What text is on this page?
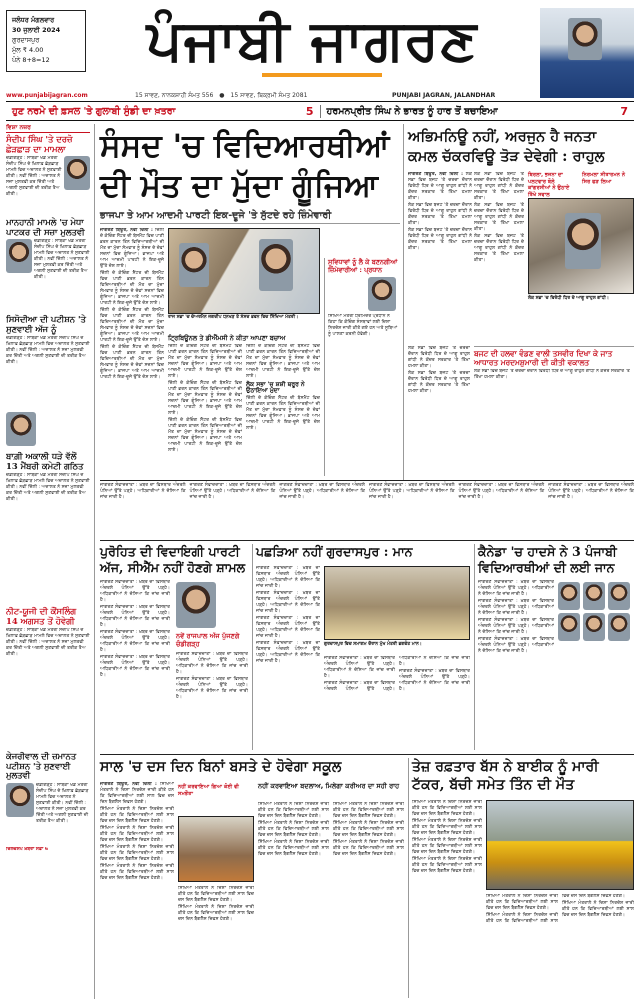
ਜਲੰਧਰ ਮੰਗਲਵਾਰ
30 ਜੁਲਾਈ 2024
ਗੁਰਦਾਸਪੁਰ
ਮੁੱਲ ₹ 4.00
ਪੰਨੇ 8+8=12	ਪੰਜਾਬੀ ਜਾਗਰਣ
www.punjabijagran.com	15 ਸਾਵਣ, ਨਾਨਕਸ਼ਾਹੀ ਸੰਮਤ 556 ● 15 ਸਾਵਣ, ਬਿਕ੍ਰਮੀ ਸੰਮਤ 2081	PUNJABI JAGRAN, JALANDHAR
ਹੁਣ ਨਰਮੇ ਦੀ ਫ਼ਸਲ 'ਤੇ ਗੁਲਾਬੀ ਸੁੰਡੀ ਦਾ ਖ਼ਤਰਾ	5 ਹਰਮਨਪ੍ਰੀਤ ਸਿੰਘ ਨੇ ਭਾਰਤ ਨੂੰ ਹਾਰ ਤੋਂ ਬਚਾਇਆ	7
ਵਿਸ਼ਾ ਨਜ਼ਰ
ਸੰਦੀਪ ਸਿੰਘ 'ਤੇ ਦਰਜ਼ੋ ਛੇੜਛਾੜ ਦਾ ਮਾਮਲਾ
ਚੰਡੀਗੜ੍ਹ : ਸਾਬਕਾ ਖੇਡ ਮੰਤਰੀ ਸੰਦੀਪ ਸਿੰਘ ਦੇ ਖ਼ਿਲਾਫ਼ ਛੇੜਛਾੜ ਮਾਮਲੇ ਵਿਚ ਅਦਾਲਤ ਨੇ ਸੁਣਵਾਈ ਕੀਤੀ। ਨਵੀਂ ਦਿੱਲੀ : ਅਦਾਲਤ ਨੇ ਸਜ਼ਾ ਮੁਲਤਵੀ ਕਰ ਦਿੱਤੀ ਅਤੇ ਅਗਲੀ ਸੁਣਵਾਈ ਦੀ ਤਰੀਕ ਤੈਅ ਕੀਤੀ।
ਮਾਨਹਾਨੀ ਮਾਮਲੇ 'ਚ ਮੇਧਾ ਪਾਟਕਰ ਦੀ ਸਜ਼ਾ ਮੁਲਤਵੀ
ਚੰਡੀਗੜ੍ਹ : ਸਾਬਕਾ ਖੇਡ ਮੰਤਰੀ ਸੰਦੀਪ ਸਿੰਘ ਦੇ ਖ਼ਿਲਾਫ਼ ਛੇੜਛਾੜ ਮਾਮਲੇ ਵਿਚ ਅਦਾਲਤ ਨੇ ਸੁਣਵਾਈ ਕੀਤੀ। ਨਵੀਂ ਦਿੱਲੀ : ਅਦਾਲਤ ਨੇ ਸਜ਼ਾ ਮੁਲਤਵੀ ਕਰ ਦਿੱਤੀ ਅਤੇ ਅਗਲੀ ਸੁਣਵਾਈ ਦੀ ਤਰੀਕ ਤੈਅ ਕੀਤੀ।
ਸਿਸੋਦੀਆ ਦੀ ਪਟੀਸ਼ਨ 'ਤੇ ਸੁਣਵਾਈ ਅੱਜ ਨੂੰ
ਚੰਡੀਗੜ੍ਹ : ਸਾਬਕਾ ਖੇਡ ਮੰਤਰੀ ਸੰਦੀਪ ਸਿੰਘ ਦੇ ਖ਼ਿਲਾਫ਼ ਛੇੜਛਾੜ ਮਾਮਲੇ ਵਿਚ ਅਦਾਲਤ ਨੇ ਸੁਣਵਾਈ ਕੀਤੀ। ਨਵੀਂ ਦਿੱਲੀ : ਅਦਾਲਤ ਨੇ ਸਜ਼ਾ ਮੁਲਤਵੀ ਕਰ ਦਿੱਤੀ ਅਤੇ ਅਗਲੀ ਸੁਣਵਾਈ ਦੀ ਤਰੀਕ ਤੈਅ ਕੀਤੀ।
ਬਾਗ਼ੀ ਅਕਾਲੀ ਧੜੇ ਵੱਲੋਂ 13 ਮੈਂਬਰੀ ਕਮੇਟੀ ਗਠਿਤ
ਚੰਡੀਗੜ੍ਹ : ਸਾਬਕਾ ਖੇਡ ਮੰਤਰੀ ਸੰਦੀਪ ਸਿੰਘ ਦੇ ਖ਼ਿਲਾਫ਼ ਛੇੜਛਾੜ ਮਾਮਲੇ ਵਿਚ ਅਦਾਲਤ ਨੇ ਸੁਣਵਾਈ ਕੀਤੀ। ਨਵੀਂ ਦਿੱਲੀ : ਅਦਾਲਤ ਨੇ ਸਜ਼ਾ ਮੁਲਤਵੀ ਕਰ ਦਿੱਤੀ ਅਤੇ ਅਗਲੀ ਸੁਣਵਾਈ ਦੀ ਤਰੀਕ ਤੈਅ ਕੀਤੀ।
ਨੀਟ-ਯੂਜੀ ਦੀ ਕੌਂਸਲਿੰਗ 14 ਅਗਸਤ ਤੋਂ ਹੋਵੇਗੀ
ਚੰਡੀਗੜ੍ਹ : ਸਾਬਕਾ ਖੇਡ ਮੰਤਰੀ ਸੰਦੀਪ ਸਿੰਘ ਦੇ ਖ਼ਿਲਾਫ਼ ਛੇੜਛਾੜ ਮਾਮਲੇ ਵਿਚ ਅਦਾਲਤ ਨੇ ਸੁਣਵਾਈ ਕੀਤੀ। ਨਵੀਂ ਦਿੱਲੀ : ਅਦਾਲਤ ਨੇ ਸਜ਼ਾ ਮੁਲਤਵੀ ਕਰ ਦਿੱਤੀ ਅਤੇ ਅਗਲੀ ਸੁਣਵਾਈ ਦੀ ਤਰੀਕ ਤੈਅ ਕੀਤੀ।
ਕੇਜਰੀਵਾਲ ਦੀ ਜ਼ਮਾਨਤ ਪਟੀਸ਼ਨ 'ਤੇ ਸੁਣਵਾਈ ਮੁਲਤਵੀ
ਚੰਡੀਗੜ੍ਹ : ਸਾਬਕਾ ਖੇਡ ਮੰਤਰੀ ਸੰਦੀਪ ਸਿੰਘ ਦੇ ਖ਼ਿਲਾਫ਼ ਛੇੜਛਾੜ ਮਾਮਲੇ ਵਿਚ ਅਦਾਲਤ ਨੇ ਸੁਣਵਾਈ ਕੀਤੀ। ਨਵੀਂ ਦਿੱਲੀ : ਅਦਾਲਤ ਨੇ ਸਜ਼ਾ ਮੁਲਤਵੀ ਕਰ ਦਿੱਤੀ ਅਤੇ ਅਗਲੀ ਸੁਣਵਾਈ ਦੀ ਤਰੀਕ ਤੈਅ ਕੀਤੀ।
ਦਿਲਚਸਪ ਖ਼ਬਰਾਂ ਸਫ਼ਾ 6
ਸੰਸਦ 'ਚ ਵਿਦਿਆਰਥੀਆਂ
ਦੀ ਮੌਤ ਦਾ ਮੁੱਦਾ ਗੂੰਜਿਆ
ਭਾਜਪਾ ਤੇ ਆਮ ਆਦਮੀ ਪਾਰਟੀ ਇਕ-ਦੂਜੇ 'ਤੇ ਸੁੱਟਦੇ ਰਹੇ ਜ਼ਿੰਮੇਵਾਰੀ

ਜਾਗਰਣ ਬਿਊਰੋ, ਨਵੀਂ ਦਿੱਲੀ : ਦਿੱਲੀ ਦੇ ਕੋਚਿੰਗ ਸੈਂਟਰ ਦੀ ਬੇਸਮੈਂਟ ਵਿਚ ਪਾਣੀ ਭਰਨ ਕਾਰਨ ਤਿੰਨ ਵਿਦਿਆਰਥੀਆਂ ਦੀ ਮੌਤ ਦਾ ਮੁੱਦਾ ਸੋਮਵਾਰ ਨੂੰ ਸੰਸਦ ਦੇ ਦੋਵਾਂ ਸਦਨਾਂ ਵਿਚ ਗੂੰਜਿਆ। ਭਾਜਪਾ ਅਤੇ ਆਮ ਆਦਮੀ ਪਾਰਟੀ ਨੇ ਇਕ-ਦੂਜੇ ਉੱਤੇ ਦੋਸ਼ ਲਾਏ।

ਦਿੱਲੀ ਦੇ ਕੋਚਿੰਗ ਸੈਂਟਰ ਦੀ ਬੇਸਮੈਂਟ ਵਿਚ ਪਾਣੀ ਭਰਨ ਕਾਰਨ ਤਿੰਨ ਵਿਦਿਆਰਥੀਆਂ ਦੀ ਮੌਤ ਦਾ ਮੁੱਦਾ ਸੋਮਵਾਰ ਨੂੰ ਸੰਸਦ ਦੇ ਦੋਵਾਂ ਸਦਨਾਂ ਵਿਚ ਗੂੰਜਿਆ। ਭਾਜਪਾ ਅਤੇ ਆਮ ਆਦਮੀ ਪਾਰਟੀ ਨੇ ਇਕ-ਦੂਜੇ ਉੱਤੇ ਦੋਸ਼ ਲਾਏ।

ਦਿੱਲੀ ਦੇ ਕੋਚਿੰਗ ਸੈਂਟਰ ਦੀ ਬੇਸਮੈਂਟ ਵਿਚ ਪਾਣੀ ਭਰਨ ਕਾਰਨ ਤਿੰਨ ਵਿਦਿਆਰਥੀਆਂ ਦੀ ਮੌਤ ਦਾ ਮੁੱਦਾ ਸੋਮਵਾਰ ਨੂੰ ਸੰਸਦ ਦੇ ਦੋਵਾਂ ਸਦਨਾਂ ਵਿਚ ਗੂੰਜਿਆ। ਭਾਜਪਾ ਅਤੇ ਆਮ ਆਦਮੀ ਪਾਰਟੀ ਨੇ ਇਕ-ਦੂਜੇ ਉੱਤੇ ਦੋਸ਼ ਲਾਏ।

ਦਿੱਲੀ ਦੇ ਕੋਚਿੰਗ ਸੈਂਟਰ ਦੀ ਬੇਸਮੈਂਟ ਵਿਚ ਪਾਣੀ ਭਰਨ ਕਾਰਨ ਤਿੰਨ ਵਿਦਿਆਰਥੀਆਂ ਦੀ ਮੌਤ ਦਾ ਮੁੱਦਾ ਸੋਮਵਾਰ ਨੂੰ ਸੰਸਦ ਦੇ ਦੋਵਾਂ ਸਦਨਾਂ ਵਿਚ ਗੂੰਜਿਆ। ਭਾਜਪਾ ਅਤੇ ਆਮ ਆਦਮੀ ਪਾਰਟੀ ਨੇ ਇਕ-ਦੂਜੇ ਉੱਤੇ ਦੋਸ਼ ਲਾਏ।

ਰਾਜ ਸਭਾ 'ਚ ਚੇਅਰਮੈਨ ਜਗਦੀਪ ਧਨਖੜ ਤੇ ਸੰਸਦ ਭਵਨ ਵਿਚ ਸਿੱਖਿਆ ਮੰਤਰੀ।
ਟ੍ਰਿਬਿਊਨਲ ਤੇ ਡੀਐੱਮਸੀ ਨੇ ਕੀਤਾ ਆਪਣਾ ਬਚਾਅ

ਦਿੱਲੀ ਦੇ ਕੋਚਿੰਗ ਸੈਂਟਰ ਦੀ ਬੇਸਮੈਂਟ ਵਿਚ ਪਾਣੀ ਭਰਨ ਕਾਰਨ ਤਿੰਨ ਵਿਦਿਆਰਥੀਆਂ ਦੀ ਮੌਤ ਦਾ ਮੁੱਦਾ ਸੋਮਵਾਰ ਨੂੰ ਸੰਸਦ ਦੇ ਦੋਵਾਂ ਸਦਨਾਂ ਵਿਚ ਗੂੰਜਿਆ। ਭਾਜਪਾ ਅਤੇ ਆਮ ਆਦਮੀ ਪਾਰਟੀ ਨੇ ਇਕ-ਦੂਜੇ ਉੱਤੇ ਦੋਸ਼ ਲਾਏ।

ਦਿੱਲੀ ਦੇ ਕੋਚਿੰਗ ਸੈਂਟਰ ਦੀ ਬੇਸਮੈਂਟ ਵਿਚ ਪਾਣੀ ਭਰਨ ਕਾਰਨ ਤਿੰਨ ਵਿਦਿਆਰਥੀਆਂ ਦੀ ਮੌਤ ਦਾ ਮੁੱਦਾ ਸੋਮਵਾਰ ਨੂੰ ਸੰਸਦ ਦੇ ਦੋਵਾਂ ਸਦਨਾਂ ਵਿਚ ਗੂੰਜਿਆ। ਭਾਜਪਾ ਅਤੇ ਆਮ ਆਦਮੀ ਪਾਰਟੀ ਨੇ ਇਕ-ਦੂਜੇ ਉੱਤੇ ਦੋਸ਼ ਲਾਏ।

ਦਿੱਲੀ ਦੇ ਕੋਚਿੰਗ ਸੈਂਟਰ ਦੀ ਬੇਸਮੈਂਟ ਵਿਚ ਪਾਣੀ ਭਰਨ ਕਾਰਨ ਤਿੰਨ ਵਿਦਿਆਰਥੀਆਂ ਦੀ ਮੌਤ ਦਾ ਮੁੱਦਾ ਸੋਮਵਾਰ ਨੂੰ ਸੰਸਦ ਦੇ ਦੋਵਾਂ ਸਦਨਾਂ ਵਿਚ ਗੂੰਜਿਆ। ਭਾਜਪਾ ਅਤੇ ਆਮ ਆਦਮੀ ਪਾਰਟੀ ਨੇ ਇਕ-ਦੂਜੇ ਉੱਤੇ ਦੋਸ਼ ਲਾਏ।

ਦਿੱਲੀ ਦੇ ਕੋਚਿੰਗ ਸੈਂਟਰ ਦੀ ਬੇਸਮੈਂਟ ਵਿਚ ਪਾਣੀ ਭਰਨ ਕਾਰਨ ਤਿੰਨ ਵਿਦਿਆਰਥੀਆਂ ਦੀ ਮੌਤ ਦਾ ਮੁੱਦਾ ਸੋਮਵਾਰ ਨੂੰ ਸੰਸਦ ਦੇ ਦੋਵਾਂ ਸਦਨਾਂ ਵਿਚ ਗੂੰਜਿਆ। ਭਾਜਪਾ ਅਤੇ ਆਮ ਆਦਮੀ ਪਾਰਟੀ ਨੇ ਇਕ-ਦੂਜੇ ਉੱਤੇ ਦੋਸ਼ ਲਾਏ।

ਲੋਕ ਸਭਾ 'ਚ ਸ਼ਸ਼ੀ ਥਰੂਰ ਨੇ ਉਠਾਇਆ ਮੁੱਦਾ

ਦਿੱਲੀ ਦੇ ਕੋਚਿੰਗ ਸੈਂਟਰ ਦੀ ਬੇਸਮੈਂਟ ਵਿਚ ਪਾਣੀ ਭਰਨ ਕਾਰਨ ਤਿੰਨ ਵਿਦਿਆਰਥੀਆਂ ਦੀ ਮੌਤ ਦਾ ਮੁੱਦਾ ਸੋਮਵਾਰ ਨੂੰ ਸੰਸਦ ਦੇ ਦੋਵਾਂ ਸਦਨਾਂ ਵਿਚ ਗੂੰਜਿਆ। ਭਾਜਪਾ ਅਤੇ ਆਮ ਆਦਮੀ ਪਾਰਟੀ ਨੇ ਇਕ-ਦੂਜੇ ਉੱਤੇ ਦੋਸ਼ ਲਾਏ।

ਸੁਵਿਧਾਵਾਂ ਨੂੰ ਲੈ ਕੇ ਬਣਨਗੀਆਂ ਜ਼ਿੰਮੇਵਾਰੀਆਂ : ਪ੍ਰਧਾਨ
ਸਿੱਖਿਆ ਮੰਤਰੀ ਧਰਮਿੰਦਰ ਪ੍ਰਧਾਨ ਨੇ ਕਿਹਾ ਕਿ ਕੋਚਿੰਗ ਸੰਸਥਾਵਾਂ ਲਈ ਦਿਸ਼ਾ ਨਿਰਦੇਸ਼ ਜਾਰੀ ਕੀਤੇ ਗਏ ਹਨ ਅਤੇ ਸੂਬਿਆਂ ਨੂੰ ਪਾਲਣਾ ਕਰਨੀ ਹੋਵੇਗੀ।
ਅਭਿਮਨਿਊ ਨਹੀਂ, ਅਰਜੁਨ ਹੈ ਜਨਤਾ
ਕਮਲ ਚੱਕਰਵਿਊ ਤੋੜ ਦੇਵੇਗੀ : ਰਾਹੁਲ

ਜਾਗਰਣ ਬਿਊਰੋ, ਨਵੀਂ ਦਿੱਲੀ : ਲੋਕ ਸਭਾ ਵਿਚ ਬਜਟ 'ਤੇ ਚਰਚਾ ਦੌਰਾਨ ਵਿਰੋਧੀ ਧਿਰ ਦੇ ਆਗੂ ਰਾਹੁਲ ਗਾਂਧੀ ਨੇ ਕੇਂਦਰ ਸਰਕਾਰ 'ਤੇ ਤਿੱਖਾ ਹਮਲਾ ਕੀਤਾ।

ਲੋਕ ਸਭਾ ਵਿਚ ਬਜਟ 'ਤੇ ਚਰਚਾ ਦੌਰਾਨ ਵਿਰੋਧੀ ਧਿਰ ਦੇ ਆਗੂ ਰਾਹੁਲ ਗਾਂਧੀ ਨੇ ਕੇਂਦਰ ਸਰਕਾਰ 'ਤੇ ਤਿੱਖਾ ਹਮਲਾ ਕੀਤਾ।

ਲੋਕ ਸਭਾ ਵਿਚ ਬਜਟ 'ਤੇ ਚਰਚਾ ਦੌਰਾਨ ਵਿਰੋਧੀ ਧਿਰ ਦੇ ਆਗੂ ਰਾਹੁਲ ਗਾਂਧੀ ਨੇ ਕੇਂਦਰ ਸਰਕਾਰ 'ਤੇ ਤਿੱਖਾ ਹਮਲਾ ਕੀਤਾ।

ਲੋਕ ਸਭਾ ਵਿਚ ਬਜਟ 'ਤੇ ਚਰਚਾ ਦੌਰਾਨ ਵਿਰੋਧੀ ਧਿਰ ਦੇ ਆਗੂ ਰਾਹੁਲ ਗਾਂਧੀ ਨੇ ਕੇਂਦਰ ਸਰਕਾਰ 'ਤੇ ਤਿੱਖਾ ਹਮਲਾ ਕੀਤਾ।

ਲੋਕ ਸਭਾ ਵਿਚ ਬਜਟ 'ਤੇ ਚਰਚਾ ਦੌਰਾਨ ਵਿਰੋਧੀ ਧਿਰ ਦੇ ਆਗੂ ਰਾਹੁਲ ਗਾਂਧੀ ਨੇ ਕੇਂਦਰ ਸਰਕਾਰ 'ਤੇ ਤਿੱਖਾ ਹਮਲਾ ਕੀਤਾ।

ਲੋਕ ਸਭਾ ਵਿਚ ਬਜਟ 'ਤੇ ਚਰਚਾ ਦੌਰਾਨ ਵਿਰੋਧੀ ਧਿਰ ਦੇ ਆਗੂ ਰਾਹੁਲ ਗਾਂਧੀ ਨੇ ਕੇਂਦਰ ਸਰਕਾਰ 'ਤੇ ਤਿੱਖਾ ਹਮਲਾ ਕੀਤਾ।

ਬਿਰਲਾ, ਭਜਨਾ ਦਾ ਪਲਟਵਾਰ ਬੋਲੇ ਕਾਂਗਰਸੀਆਂ ਨੇ ਉਠਾਏ ਤਿੱਖੇ ਸਵਾਲ
ਨਿਰਮਲਾ ਸੀਤਾਰਮਨ ਨੇ ਸਿਰ ਫੜ ਲਿਆ
ਲੋਕ ਸਭਾ 'ਚ ਵਿਰੋਧੀ ਧਿਰ ਦੇ ਆਗੂ ਰਾਹੁਲ ਗਾਂਧੀ।
ਬਜਟ ਦੀ ਹਲਵਾ ਵੰਡਣ ਵਾਲੀ ਤਸਵੀਰ ਦਿਖਾ ਕੇ ਜਾਤ ਆਧਾਰਤ ਮਰਦਮਸ਼ੁਮਾਰੀ ਦੀ ਕੀਤੀ ਵਕਾਲਤ
ਲੋਕ ਸਭਾ ਵਿਚ ਬਜਟ 'ਤੇ ਚਰਚਾ ਦੌਰਾਨ ਵਿਰੋਧੀ ਧਿਰ ਦੇ ਆਗੂ ਰਾਹੁਲ ਗਾਂਧੀ ਨੇ ਕੇਂਦਰ ਸਰਕਾਰ 'ਤੇ ਤਿੱਖਾ ਹਮਲਾ ਕੀਤਾ।

ਲੋਕ ਸਭਾ ਵਿਚ ਬਜਟ 'ਤੇ ਚਰਚਾ ਦੌਰਾਨ ਵਿਰੋਧੀ ਧਿਰ ਦੇ ਆਗੂ ਰਾਹੁਲ ਗਾਂਧੀ ਨੇ ਕੇਂਦਰ ਸਰਕਾਰ 'ਤੇ ਤਿੱਖਾ ਹਮਲਾ ਕੀਤਾ।

ਲੋਕ ਸਭਾ ਵਿਚ ਬਜਟ 'ਤੇ ਚਰਚਾ ਦੌਰਾਨ ਵਿਰੋਧੀ ਧਿਰ ਦੇ ਆਗੂ ਰਾਹੁਲ ਗਾਂਧੀ ਨੇ ਕੇਂਦਰ ਸਰਕਾਰ 'ਤੇ ਤਿੱਖਾ ਹਮਲਾ ਕੀਤਾ।

ਜਾਗਰਣ ਸੰਵਾਦਦਾਤਾ : ਖ਼ਬਰ ਦਾ ਵਿਸਥਾਰ ਅੰਦਰਲੇ ਪੰਨਿਆਂ ਉੱਤੇ ਪੜ੍ਹੋ। ਅਧਿਕਾਰੀਆਂ ਨੇ ਦੱਸਿਆ ਕਿ ਜਾਂਚ ਜਾਰੀ ਹੈ।

ਜਾਗਰਣ ਸੰਵਾਦਦਾਤਾ : ਖ਼ਬਰ ਦਾ ਵਿਸਥਾਰ ਅੰਦਰਲੇ ਪੰਨਿਆਂ ਉੱਤੇ ਪੜ੍ਹੋ। ਅਧਿਕਾਰੀਆਂ ਨੇ ਦੱਸਿਆ ਕਿ ਜਾਂਚ ਜਾਰੀ ਹੈ।

ਜਾਗਰਣ ਸੰਵਾਦਦਾਤਾ : ਖ਼ਬਰ ਦਾ ਵਿਸਥਾਰ ਅੰਦਰਲੇ ਪੰਨਿਆਂ ਉੱਤੇ ਪੜ੍ਹੋ। ਅਧਿਕਾਰੀਆਂ ਨੇ ਦੱਸਿਆ ਕਿ ਜਾਂਚ ਜਾਰੀ ਹੈ।

ਜਾਗਰਣ ਸੰਵਾਦਦਾਤਾ : ਖ਼ਬਰ ਦਾ ਵਿਸਥਾਰ ਅੰਦਰਲੇ ਪੰਨਿਆਂ ਉੱਤੇ ਪੜ੍ਹੋ। ਅਧਿਕਾਰੀਆਂ ਨੇ ਦੱਸਿਆ ਕਿ ਜਾਂਚ ਜਾਰੀ ਹੈ।

ਜਾਗਰਣ ਸੰਵਾਦਦਾਤਾ : ਖ਼ਬਰ ਦਾ ਵਿਸਥਾਰ ਅੰਦਰਲੇ ਪੰਨਿਆਂ ਉੱਤੇ ਪੜ੍ਹੋ। ਅਧਿਕਾਰੀਆਂ ਨੇ ਦੱਸਿਆ ਕਿ ਜਾਂਚ ਜਾਰੀ ਹੈ।

ਜਾਗਰਣ ਸੰਵਾਦਦਾਤਾ : ਖ਼ਬਰ ਦਾ ਵਿਸਥਾਰ ਅੰਦਰਲੇ ਪੰਨਿਆਂ ਉੱਤੇ ਪੜ੍ਹੋ। ਅਧਿਕਾਰੀਆਂ ਨੇ ਦੱਸਿਆ ਕਿ ਜਾਂਚ ਜਾਰੀ ਹੈ।

ਪੁਰੋਹਿਤ ਦੀ ਵਿਦਾਇਗੀ ਪਾਰਟੀ ਅੱਜ, ਸੀਐੱਮ ਨਹੀਂ ਹੋਣਗੇ ਸ਼ਾਮਲ

ਜਾਗਰਣ ਸੰਵਾਦਦਾਤਾ : ਖ਼ਬਰ ਦਾ ਵਿਸਥਾਰ ਅੰਦਰਲੇ ਪੰਨਿਆਂ ਉੱਤੇ ਪੜ੍ਹੋ। ਅਧਿਕਾਰੀਆਂ ਨੇ ਦੱਸਿਆ ਕਿ ਜਾਂਚ ਜਾਰੀ ਹੈ।

ਜਾਗਰਣ ਸੰਵਾਦਦਾਤਾ : ਖ਼ਬਰ ਦਾ ਵਿਸਥਾਰ ਅੰਦਰਲੇ ਪੰਨਿਆਂ ਉੱਤੇ ਪੜ੍ਹੋ। ਅਧਿਕਾਰੀਆਂ ਨੇ ਦੱਸਿਆ ਕਿ ਜਾਂਚ ਜਾਰੀ ਹੈ।

ਜਾਗਰਣ ਸੰਵਾਦਦਾਤਾ : ਖ਼ਬਰ ਦਾ ਵਿਸਥਾਰ ਅੰਦਰਲੇ ਪੰਨਿਆਂ ਉੱਤੇ ਪੜ੍ਹੋ। ਅਧਿਕਾਰੀਆਂ ਨੇ ਦੱਸਿਆ ਕਿ ਜਾਂਚ ਜਾਰੀ ਹੈ।

ਜਾਗਰਣ ਸੰਵਾਦਦਾਤਾ : ਖ਼ਬਰ ਦਾ ਵਿਸਥਾਰ ਅੰਦਰਲੇ ਪੰਨਿਆਂ ਉੱਤੇ ਪੜ੍ਹੋ। ਅਧਿਕਾਰੀਆਂ ਨੇ ਦੱਸਿਆ ਕਿ ਜਾਂਚ ਜਾਰੀ ਹੈ।

ਨਵੇਂ ਰਾਜਪਾਲ ਅੱਜ ਪੁੱਜਣਗੇ ਚੰਡੀਗੜ੍ਹ

ਜਾਗਰਣ ਸੰਵਾਦਦਾਤਾ : ਖ਼ਬਰ ਦਾ ਵਿਸਥਾਰ ਅੰਦਰਲੇ ਪੰਨਿਆਂ ਉੱਤੇ ਪੜ੍ਹੋ। ਅਧਿਕਾਰੀਆਂ ਨੇ ਦੱਸਿਆ ਕਿ ਜਾਂਚ ਜਾਰੀ ਹੈ।

ਜਾਗਰਣ ਸੰਵਾਦਦਾਤਾ : ਖ਼ਬਰ ਦਾ ਵਿਸਥਾਰ ਅੰਦਰਲੇ ਪੰਨਿਆਂ ਉੱਤੇ ਪੜ੍ਹੋ। ਅਧਿਕਾਰੀਆਂ ਨੇ ਦੱਸਿਆ ਕਿ ਜਾਂਚ ਜਾਰੀ ਹੈ।

ਪਛੜਿਆ ਨਹੀਂ ਗੁਰਦਾਸਪੁਰ : ਮਾਨ

ਜਾਗਰਣ ਸੰਵਾਦਦਾਤਾ : ਖ਼ਬਰ ਦਾ ਵਿਸਥਾਰ ਅੰਦਰਲੇ ਪੰਨਿਆਂ ਉੱਤੇ ਪੜ੍ਹੋ। ਅਧਿਕਾਰੀਆਂ ਨੇ ਦੱਸਿਆ ਕਿ ਜਾਂਚ ਜਾਰੀ ਹੈ।

ਜਾਗਰਣ ਸੰਵਾਦਦਾਤਾ : ਖ਼ਬਰ ਦਾ ਵਿਸਥਾਰ ਅੰਦਰਲੇ ਪੰਨਿਆਂ ਉੱਤੇ ਪੜ੍ਹੋ। ਅਧਿਕਾਰੀਆਂ ਨੇ ਦੱਸਿਆ ਕਿ ਜਾਂਚ ਜਾਰੀ ਹੈ।

ਜਾਗਰਣ ਸੰਵਾਦਦਾਤਾ : ਖ਼ਬਰ ਦਾ ਵਿਸਥਾਰ ਅੰਦਰਲੇ ਪੰਨਿਆਂ ਉੱਤੇ ਪੜ੍ਹੋ। ਅਧਿਕਾਰੀਆਂ ਨੇ ਦੱਸਿਆ ਕਿ ਜਾਂਚ ਜਾਰੀ ਹੈ।

ਜਾਗਰਣ ਸੰਵਾਦਦਾਤਾ : ਖ਼ਬਰ ਦਾ ਵਿਸਥਾਰ ਅੰਦਰਲੇ ਪੰਨਿਆਂ ਉੱਤੇ ਪੜ੍ਹੋ। ਅਧਿਕਾਰੀਆਂ ਨੇ ਦੱਸਿਆ ਕਿ ਜਾਂਚ ਜਾਰੀ ਹੈ।

ਗੁਰਦਾਸਪੁਰ ਵਿਚ ਸਮਾਗਮ ਦੌਰਾਨ ਮੁੱਖ ਮੰਤਰੀ ਭਗਵੰਤ ਮਾਨ।

ਜਾਗਰਣ ਸੰਵਾਦਦਾਤਾ : ਖ਼ਬਰ ਦਾ ਵਿਸਥਾਰ ਅੰਦਰਲੇ ਪੰਨਿਆਂ ਉੱਤੇ ਪੜ੍ਹੋ। ਅਧਿਕਾਰੀਆਂ ਨੇ ਦੱਸਿਆ ਕਿ ਜਾਂਚ ਜਾਰੀ ਹੈ।

ਜਾਗਰਣ ਸੰਵਾਦਦਾਤਾ : ਖ਼ਬਰ ਦਾ ਵਿਸਥਾਰ ਅੰਦਰਲੇ ਪੰਨਿਆਂ ਉੱਤੇ ਪੜ੍ਹੋ। ਅਧਿਕਾਰੀਆਂ ਨੇ ਦੱਸਿਆ ਕਿ ਜਾਂਚ ਜਾਰੀ ਹੈ।

ਜਾਗਰਣ ਸੰਵਾਦਦਾਤਾ : ਖ਼ਬਰ ਦਾ ਵਿਸਥਾਰ ਅੰਦਰਲੇ ਪੰਨਿਆਂ ਉੱਤੇ ਪੜ੍ਹੋ। ਅਧਿਕਾਰੀਆਂ ਨੇ ਦੱਸਿਆ ਕਿ ਜਾਂਚ ਜਾਰੀ ਹੈ।

ਕੈਨੇਡਾ 'ਚ ਹਾਦਸੇ ਨੇ 3 ਪੰਜਾਬੀ ਵਿਦਿਆਰਥੀਆਂ ਦੀ ਲਈ ਜਾਨ

ਜਾਗਰਣ ਸੰਵਾਦਦਾਤਾ : ਖ਼ਬਰ ਦਾ ਵਿਸਥਾਰ ਅੰਦਰਲੇ ਪੰਨਿਆਂ ਉੱਤੇ ਪੜ੍ਹੋ। ਅਧਿਕਾਰੀਆਂ ਨੇ ਦੱਸਿਆ ਕਿ ਜਾਂਚ ਜਾਰੀ ਹੈ।

ਜਾਗਰਣ ਸੰਵਾਦਦਾਤਾ : ਖ਼ਬਰ ਦਾ ਵਿਸਥਾਰ ਅੰਦਰਲੇ ਪੰਨਿਆਂ ਉੱਤੇ ਪੜ੍ਹੋ। ਅਧਿਕਾਰੀਆਂ ਨੇ ਦੱਸਿਆ ਕਿ ਜਾਂਚ ਜਾਰੀ ਹੈ।

ਜਾਗਰਣ ਸੰਵਾਦਦਾਤਾ : ਖ਼ਬਰ ਦਾ ਵਿਸਥਾਰ ਅੰਦਰਲੇ ਪੰਨਿਆਂ ਉੱਤੇ ਪੜ੍ਹੋ। ਅਧਿਕਾਰੀਆਂ ਨੇ ਦੱਸਿਆ ਕਿ ਜਾਂਚ ਜਾਰੀ ਹੈ।

ਜਾਗਰਣ ਸੰਵਾਦਦਾਤਾ : ਖ਼ਬਰ ਦਾ ਵਿਸਥਾਰ ਅੰਦਰਲੇ ਪੰਨਿਆਂ ਉੱਤੇ ਪੜ੍ਹੋ। ਅਧਿਕਾਰੀਆਂ ਨੇ ਦੱਸਿਆ ਕਿ ਜਾਂਚ ਜਾਰੀ ਹੈ।

ਸਾਲ 'ਚ ਦਸ ਦਿਨ ਬਿਨਾਂ ਬਸਤੇ ਦੇ ਹੋਵੇਗਾ ਸਕੂਲ

ਜਾਗਰਣ ਬਿਊਰੋ, ਨਵੀਂ ਦਿੱਲੀ : ਸਿੱਖਿਆ ਮੰਤਰਾਲੇ ਨੇ ਦਿਸ਼ਾ ਨਿਰਦੇਸ਼ ਜਾਰੀ ਕੀਤੇ ਹਨ ਕਿ ਵਿਦਿਆਰਥੀਆਂ ਲਈ ਸਾਲ ਵਿਚ ਦਸ ਦਿਨ ਬੈਗਲੈੱਸ ਦਿਵਸ ਹੋਣਗੇ।

ਸਿੱਖਿਆ ਮੰਤਰਾਲੇ ਨੇ ਦਿਸ਼ਾ ਨਿਰਦੇਸ਼ ਜਾਰੀ ਕੀਤੇ ਹਨ ਕਿ ਵਿਦਿਆਰਥੀਆਂ ਲਈ ਸਾਲ ਵਿਚ ਦਸ ਦਿਨ ਬੈਗਲੈੱਸ ਦਿਵਸ ਹੋਣਗੇ।

ਸਿੱਖਿਆ ਮੰਤਰਾਲੇ ਨੇ ਦਿਸ਼ਾ ਨਿਰਦੇਸ਼ ਜਾਰੀ ਕੀਤੇ ਹਨ ਕਿ ਵਿਦਿਆਰਥੀਆਂ ਲਈ ਸਾਲ ਵਿਚ ਦਸ ਦਿਨ ਬੈਗਲੈੱਸ ਦਿਵਸ ਹੋਣਗੇ।

ਸਿੱਖਿਆ ਮੰਤਰਾਲੇ ਨੇ ਦਿਸ਼ਾ ਨਿਰਦੇਸ਼ ਜਾਰੀ ਕੀਤੇ ਹਨ ਕਿ ਵਿਦਿਆਰਥੀਆਂ ਲਈ ਸਾਲ ਵਿਚ ਦਸ ਦਿਨ ਬੈਗਲੈੱਸ ਦਿਵਸ ਹੋਣਗੇ।

ਸਿੱਖਿਆ ਮੰਤਰਾਲੇ ਨੇ ਦਿਸ਼ਾ ਨਿਰਦੇਸ਼ ਜਾਰੀ ਕੀਤੇ ਹਨ ਕਿ ਵਿਦਿਆਰਥੀਆਂ ਲਈ ਸਾਲ ਵਿਚ ਦਸ ਦਿਨ ਬੈਗਲੈੱਸ ਦਿਵਸ ਹੋਣਗੇ।

ਨਹੀਂ ਕਰਵਾਇਆ ਗਿਆ ਕੋਈ ਵੀ ਸਮਝੌਤਾ

ਸਿੱਖਿਆ ਮੰਤਰਾਲੇ ਨੇ ਦਿਸ਼ਾ ਨਿਰਦੇਸ਼ ਜਾਰੀ ਕੀਤੇ ਹਨ ਕਿ ਵਿਦਿਆਰਥੀਆਂ ਲਈ ਸਾਲ ਵਿਚ ਦਸ ਦਿਨ ਬੈਗਲੈੱਸ ਦਿਵਸ ਹੋਣਗੇ।

ਸਿੱਖਿਆ ਮੰਤਰਾਲੇ ਨੇ ਦਿਸ਼ਾ ਨਿਰਦੇਸ਼ ਜਾਰੀ ਕੀਤੇ ਹਨ ਕਿ ਵਿਦਿਆਰਥੀਆਂ ਲਈ ਸਾਲ ਵਿਚ ਦਸ ਦਿਨ ਬੈਗਲੈੱਸ ਦਿਵਸ ਹੋਣਗੇ।

ਨਹੀਂ ਕਰਵਾਇਆ ਬਦਲਾਅ, ਮਿਲੇਗਾ ਕਰੀਅਰ ਦਾ ਸਹੀ ਰਾਹ

ਸਿੱਖਿਆ ਮੰਤਰਾਲੇ ਨੇ ਦਿਸ਼ਾ ਨਿਰਦੇਸ਼ ਜਾਰੀ ਕੀਤੇ ਹਨ ਕਿ ਵਿਦਿਆਰਥੀਆਂ ਲਈ ਸਾਲ ਵਿਚ ਦਸ ਦਿਨ ਬੈਗਲੈੱਸ ਦਿਵਸ ਹੋਣਗੇ।

ਸਿੱਖਿਆ ਮੰਤਰਾਲੇ ਨੇ ਦਿਸ਼ਾ ਨਿਰਦੇਸ਼ ਜਾਰੀ ਕੀਤੇ ਹਨ ਕਿ ਵਿਦਿਆਰਥੀਆਂ ਲਈ ਸਾਲ ਵਿਚ ਦਸ ਦਿਨ ਬੈਗਲੈੱਸ ਦਿਵਸ ਹੋਣਗੇ।

ਸਿੱਖਿਆ ਮੰਤਰਾਲੇ ਨੇ ਦਿਸ਼ਾ ਨਿਰਦੇਸ਼ ਜਾਰੀ ਕੀਤੇ ਹਨ ਕਿ ਵਿਦਿਆਰਥੀਆਂ ਲਈ ਸਾਲ ਵਿਚ ਦਸ ਦਿਨ ਬੈਗਲੈੱਸ ਦਿਵਸ ਹੋਣਗੇ।

ਸਿੱਖਿਆ ਮੰਤਰਾਲੇ ਨੇ ਦਿਸ਼ਾ ਨਿਰਦੇਸ਼ ਜਾਰੀ ਕੀਤੇ ਹਨ ਕਿ ਵਿਦਿਆਰਥੀਆਂ ਲਈ ਸਾਲ ਵਿਚ ਦਸ ਦਿਨ ਬੈਗਲੈੱਸ ਦਿਵਸ ਹੋਣਗੇ।

ਸਿੱਖਿਆ ਮੰਤਰਾਲੇ ਨੇ ਦਿਸ਼ਾ ਨਿਰਦੇਸ਼ ਜਾਰੀ ਕੀਤੇ ਹਨ ਕਿ ਵਿਦਿਆਰਥੀਆਂ ਲਈ ਸਾਲ ਵਿਚ ਦਸ ਦਿਨ ਬੈਗਲੈੱਸ ਦਿਵਸ ਹੋਣਗੇ।

ਸਿੱਖਿਆ ਮੰਤਰਾਲੇ ਨੇ ਦਿਸ਼ਾ ਨਿਰਦੇਸ਼ ਜਾਰੀ ਕੀਤੇ ਹਨ ਕਿ ਵਿਦਿਆਰਥੀਆਂ ਲਈ ਸਾਲ ਵਿਚ ਦਸ ਦਿਨ ਬੈਗਲੈੱਸ ਦਿਵਸ ਹੋਣਗੇ।

ਤੇਜ਼ ਰਫ਼ਤਾਰ ਬੱਸ ਨੇ ਬਾਈਕ ਨੂੰ ਮਾਰੀ ਟੱਕਰ, ਬੱਚੀ ਸਮੇਤ ਤਿੰਨ ਦੀ ਮੌਤ

ਸਿੱਖਿਆ ਮੰਤਰਾਲੇ ਨੇ ਦਿਸ਼ਾ ਨਿਰਦੇਸ਼ ਜਾਰੀ ਕੀਤੇ ਹਨ ਕਿ ਵਿਦਿਆਰਥੀਆਂ ਲਈ ਸਾਲ ਵਿਚ ਦਸ ਦਿਨ ਬੈਗਲੈੱਸ ਦਿਵਸ ਹੋਣਗੇ।

ਸਿੱਖਿਆ ਮੰਤਰਾਲੇ ਨੇ ਦਿਸ਼ਾ ਨਿਰਦੇਸ਼ ਜਾਰੀ ਕੀਤੇ ਹਨ ਕਿ ਵਿਦਿਆਰਥੀਆਂ ਲਈ ਸਾਲ ਵਿਚ ਦਸ ਦਿਨ ਬੈਗਲੈੱਸ ਦਿਵਸ ਹੋਣਗੇ।

ਸਿੱਖਿਆ ਮੰਤਰਾਲੇ ਨੇ ਦਿਸ਼ਾ ਨਿਰਦੇਸ਼ ਜਾਰੀ ਕੀਤੇ ਹਨ ਕਿ ਵਿਦਿਆਰਥੀਆਂ ਲਈ ਸਾਲ ਵਿਚ ਦਸ ਦਿਨ ਬੈਗਲੈੱਸ ਦਿਵਸ ਹੋਣਗੇ।

ਸਿੱਖਿਆ ਮੰਤਰਾਲੇ ਨੇ ਦਿਸ਼ਾ ਨਿਰਦੇਸ਼ ਜਾਰੀ ਕੀਤੇ ਹਨ ਕਿ ਵਿਦਿਆਰਥੀਆਂ ਲਈ ਸਾਲ ਵਿਚ ਦਸ ਦਿਨ ਬੈਗਲੈੱਸ ਦਿਵਸ ਹੋਣਗੇ।

ਸਿੱਖਿਆ ਮੰਤਰਾਲੇ ਨੇ ਦਿਸ਼ਾ ਨਿਰਦੇਸ਼ ਜਾਰੀ ਕੀਤੇ ਹਨ ਕਿ ਵਿਦਿਆਰਥੀਆਂ ਲਈ ਸਾਲ ਵਿਚ ਦਸ ਦਿਨ ਬੈਗਲੈੱਸ ਦਿਵਸ ਹੋਣਗੇ।

ਸਿੱਖਿਆ ਮੰਤਰਾਲੇ ਨੇ ਦਿਸ਼ਾ ਨਿਰਦੇਸ਼ ਜਾਰੀ ਕੀਤੇ ਹਨ ਕਿ ਵਿਦਿਆਰਥੀਆਂ ਲਈ ਸਾਲ ਵਿਚ ਦਸ ਦਿਨ ਬੈਗਲੈੱਸ ਦਿਵਸ ਹੋਣਗੇ।

ਸਿੱਖਿਆ ਮੰਤਰਾਲੇ ਨੇ ਦਿਸ਼ਾ ਨਿਰਦੇਸ਼ ਜਾਰੀ ਕੀਤੇ ਹਨ ਕਿ ਵਿਦਿਆਰਥੀਆਂ ਲਈ ਸਾਲ ਵਿਚ ਦਸ ਦਿਨ ਬੈਗਲੈੱਸ ਦਿਵਸ ਹੋਣਗੇ।
